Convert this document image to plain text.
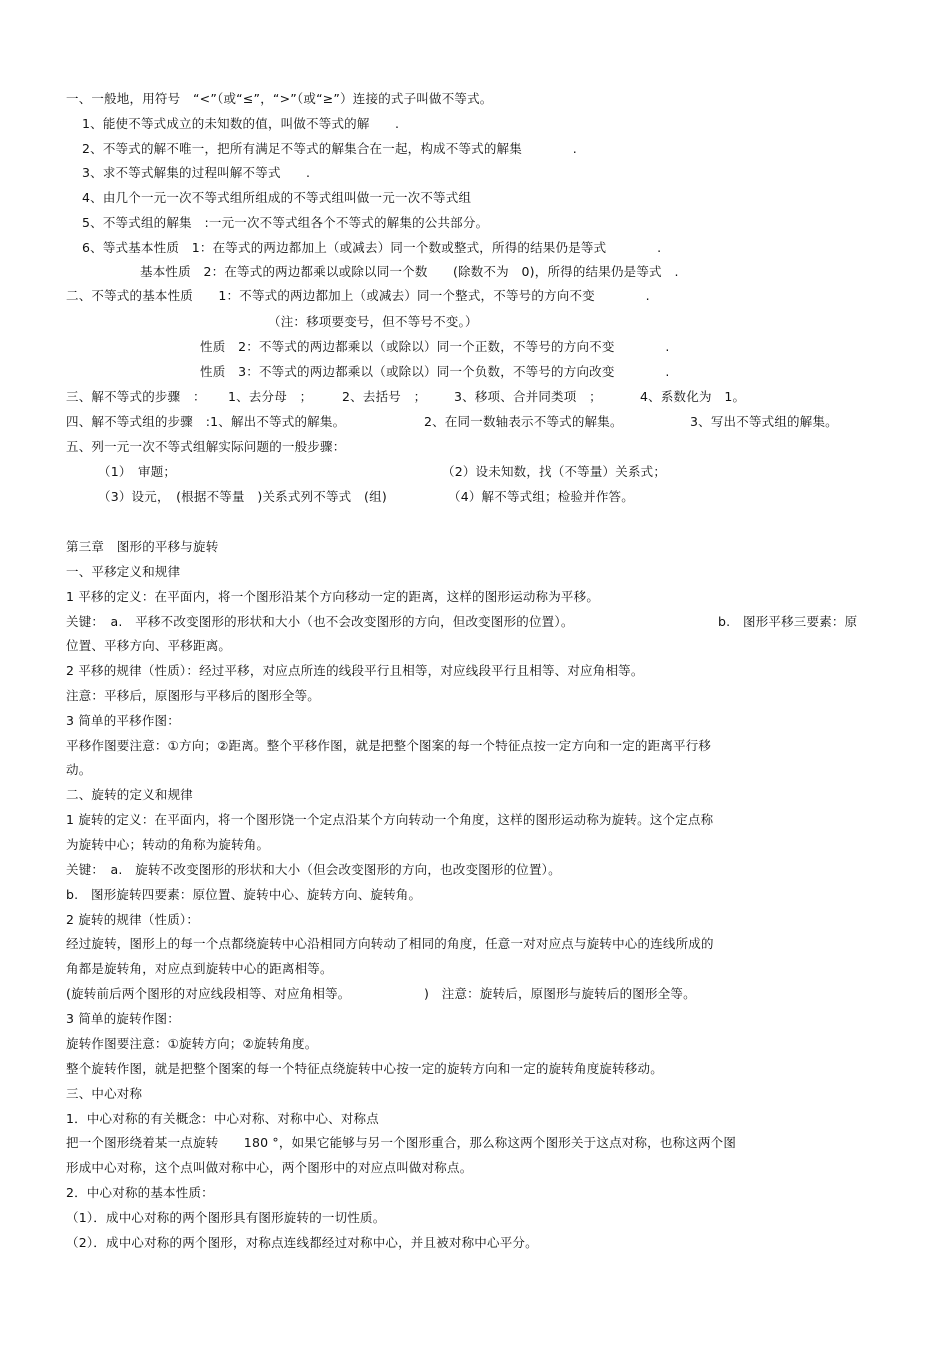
一、一般地，用符号　“<”（或“≤”，“>”（或“≥”）连接的式子叫做不等式。
1、能使不等式成立的未知数的值，叫做不等式的解　　.
2、不等式的解不唯一，把所有满足不等式的解集合在一起，构成不等式的解集　　　　.
3、求不等式解集的过程叫解不等式　　.
4、由几个一元一次不等式组所组成的不等式组叫做一元一次不等式组
5、不等式组的解集　:一元一次不等式组各个不等式的解集的公共部分。
6、等式基本性质　1：在等式的两边都加上（或减去）同一个数或整式，所得的结果仍是等式　　　　.
基本性质　2：在等式的两边都乘以或除以同一个数　　(除数不为　0)，所得的结果仍是等式　.
二、不等式的基本性质　　1：不等式的两边都加上（或减去）同一个整式，不等号的方向不变　　　　.
（注：移项要变号，但不等号不变。）
性质　2：不等式的两边都乘以（或除以）同一个正数，不等号的方向不变　　　　.
性质　3：不等式的两边都乘以（或除以）同一个负数，不等号的方向改变　　　　.
三、解不等式的步骤　： 1、去分母　； 2、去括号　； 3、移项、合并同类项　；	4、系数化为　1。
四、解不等式组的步骤　:1、解出不等式的解集。	2、在同一数轴表示不等式的解集。	3、写出不等式组的解集。
五、列一元一次不等式组解实际问题的一般步骤：
（1）　审题；	（2）设未知数，找（不等量）关系式；
（3）设元，　(根据不等量　)关系式列不等式　(组)	（4）解不等式组；检验并作答。
第三章　图形的平移与旋转
一、平移定义和规律
1 平移的定义：在平面内，将一个图形沿某个方向移动一定的距离，这样的图形运动称为平移。
关键：　a.　平移不改变图形的形状和大小（也不会改变图形的方向，但改变图形的位置）。	b.　图形平移三要素：原
位置、平移方向、平移距离。
2 平移的规律（性质）：经过平移，对应点所连的线段平行且相等，对应线段平行且相等、对应角相等。
注意：平移后，原图形与平移后的图形全等。
3 简单的平移作图：
平移作图要注意：①方向；②距离。整个平移作图，就是把整个图案的每一个特征点按一定方向和一定的距离平行移
动。
二、旋转的定义和规律
1 旋转的定义：在平面内，将一个图形饶一个定点沿某个方向转动一个角度，这样的图形运动称为旋转。这个定点称
为旋转中心；转动的角称为旋转角。
关键：　a.　旋转不改变图形的形状和大小（但会改变图形的方向，也改变图形的位置）。
b.　图形旋转四要素：原位置、旋转中心、旋转方向、旋转角。
2 旋转的规律（性质）：
经过旋转，图形上的每一个点都绕旋转中心沿相同方向转动了相同的角度，任意一对对应点与旋转中心的连线所成的
角都是旋转角，对应点到旋转中心的距离相等。
(旋转前后两个图形的对应线段相等、对应角相等。	)　注意：旋转后，原图形与旋转后的图形全等。
3 简单的旋转作图：
旋转作图要注意：①旋转方向；②旋转角度。
整个旋转作图，就是把整个图案的每一个特征点绕旋转中心按一定的旋转方向和一定的旋转角度旋转移动。
三、中心对称
1．中心对称的有关概念：中心对称、对称中心、对称点
把一个图形绕着某一点旋转　　180 °，如果它能够与另一个图形重合，那么称这两个图形关于这点对称，也称这两个图
形成中心对称，这个点叫做对称中心，两个图形中的对应点叫做对称点。
2．中心对称的基本性质：
（1）．成中心对称的两个图形具有图形旋转的一切性质。
（2）．成中心对称的两个图形，对称点连线都经过对称中心，并且被对称中心平分。
